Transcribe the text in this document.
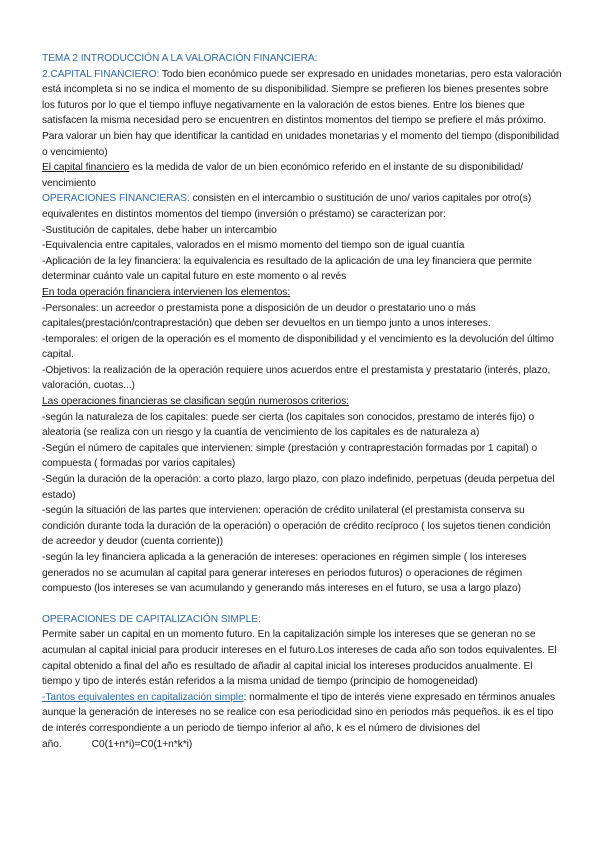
TEMA 2 INTRODUCCIÓN A LA VALORACIÓN FINANCIERA:

2.CAPITAL FINANCIERO: Todo bien económico puede ser expresado en unidades monetarias, pero esta valoración está incompleta si no se indica el momento de su disponibilidad. Siempre se prefieren los bienes presentes sobre los futuros por lo que el tiempo influye negativamente en la valoración de estos bienes. Entre los bienes que satisfacen la misma necesidad pero se encuentren en distintos momentos del tiempo se prefiere el más próximo.

Para valorar un bien hay que identificar la cantidad en unidades monetarias y el momento del tiempo (disponibilidad o vencimiento)

El capital financiero es la medida de valor de un bien económico referido en el instante de su disponibilidad/ vencimiento

OPERACIONES FINANCIERAS: consisten en el intercambio o sustitución de uno/ varios capitales por otro(s) equivalentes en distintos momentos del tiempo (inversión o préstamo) se caracterizan por:

-Sustitución de capitales, debe haber un intercambio

-Equivalencia entre capitales, valorados en el mismo momento del tiempo son de igual cuantía

-Aplicación de la ley financiera: la equivalencia es resultado de la aplicación de una ley financiera que permite determinar cuánto vale un capital futuro en este momento o al revés

En toda operación financiera intervienen los elementos:

-Personales: un acreedor o prestamista pone a disposición de un deudor o prestatario uno o más capitales(prestación/contraprestación) que deben ser devueltos en un tiempo junto a unos intereses.

-temporales: el origen de la operación es el momento de disponibilidad y el vencimiento es la devolución del último capital.

-Objetivos: la realización de la operación requiere unos acuerdos entre el prestamista y prestatario (interés, plazo, valoración, cuotas...)

Las operaciones financieras se clasifican según numerosos criterios:

-según la naturaleza de los capitales: puede ser cierta (los capitales son conocidos, prestamo de interés fijo) o aleatoria (se realiza con un riesgo y la cuantía de vencimiento de los capitales es de naturaleza a)

-Según el número de capitales que intervienen: simple (prestación y contraprestación formadas por 1 capital) o compuesta ( formadas por varios capitales)

-Según la duración de la operación: a corto plazo, largo plazo, con plazo indefinido, perpetuas (deuda perpetua del estado)

-según la situación de las partes que intervienen: operación de crédito unilateral (el prestamista conserva su condición durante toda la duración de la operación) o operación de crédito recíproco ( los sujetos tienen condición de acreedor y deudor (cuenta corriente))

-según la ley financiera aplicada a la generación de intereses: operaciones en régimen simple ( los intereses generados no se acumulan al capital para generar intereses en periodos futuros) o operaciones de régimen compuesto (los intereses se van acumulando y generando más intereses en el futuro, se usa a largo plazo)

OPERACIONES DE CAPITALIZACIÓN SIMPLE:

Permite saber un capital en un momento futuro. En la capitalización simple los intereses que se generan no se acumulan al capital inicial para producir intereses en el futuro.Los intereses de cada año son todos equivalentes. El capital obtenido a final del año es resultado de añadir al capital inicial los intereses producidos anualmente. El tiempo y tipo de interés están referidos a la misma unidad de tiempo (principio de homogeneidad)

-Tantos equivalentes en capitalización simple: normalmente el tipo de interés viene expresado en términos anuales aunque la generación de intereses no se realice con esa periodicidad sino en periodos más pequeños. ik es el tipo de interés correspondiente a un periodo de tiempo inferior al año, k es el número de divisiones del año.	C0(1+n*i)=C0(1+n*k*i)
